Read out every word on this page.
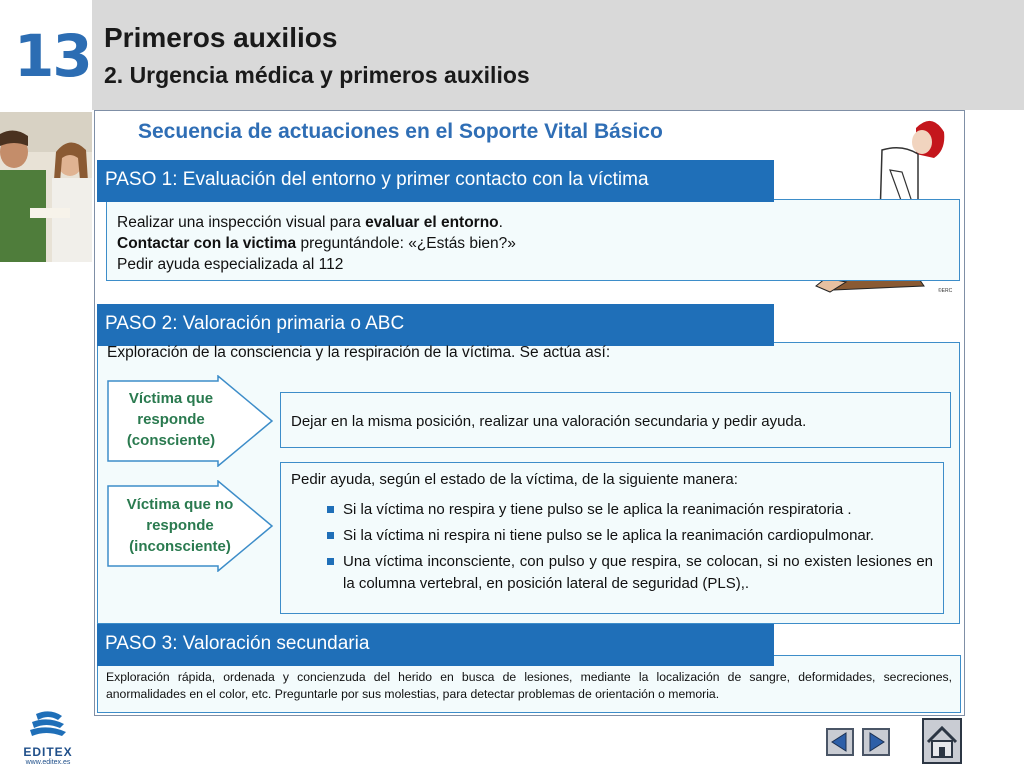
13 Primeros auxilios
2. Urgencia médica y primeros auxilios
Secuencia de actuaciones en el Soporte Vital Básico
©ERC
Realizar una inspección visual para evaluar el entorno.
Contactar con la victima preguntándole: «¿Estás bien?»
Pedir ayuda especializada al 112
PASO 1: Evaluación del entorno y primer contacto con la víctima
PASO 2: Valoración primaria o ABC
Exploración de la consciencia y la respiración de la víctima. Se actúa así:
Víctima que
responde
(consciente)
Dejar en la misma posición, realizar una valoración secundaria y pedir ayuda.
Víctima que no
responde
(inconsciente)
Pedir ayuda, según el estado de la víctima, de la siguiente manera:
Si la víctima no respira y tiene pulso se le aplica la reanimación respiratoria .
Si la víctima ni respira ni tiene pulso se le aplica la reanimación cardiopulmonar.
Una víctima inconsciente, con pulso y que respira, se colocan, si no existen lesiones en la columna vertebral, en posición lateral de seguridad (PLS),.
Exploración rápida, ordenada y concienzuda del herido en busca de lesiones, mediante la localización de sangre, deformidades, secreciones, anormalidades en el color, etc. Preguntarle por sus molestias, para detectar problemas de orientación o memoria.
PASO 3: Valoración secundaria
EDITEX
www.editex.es
